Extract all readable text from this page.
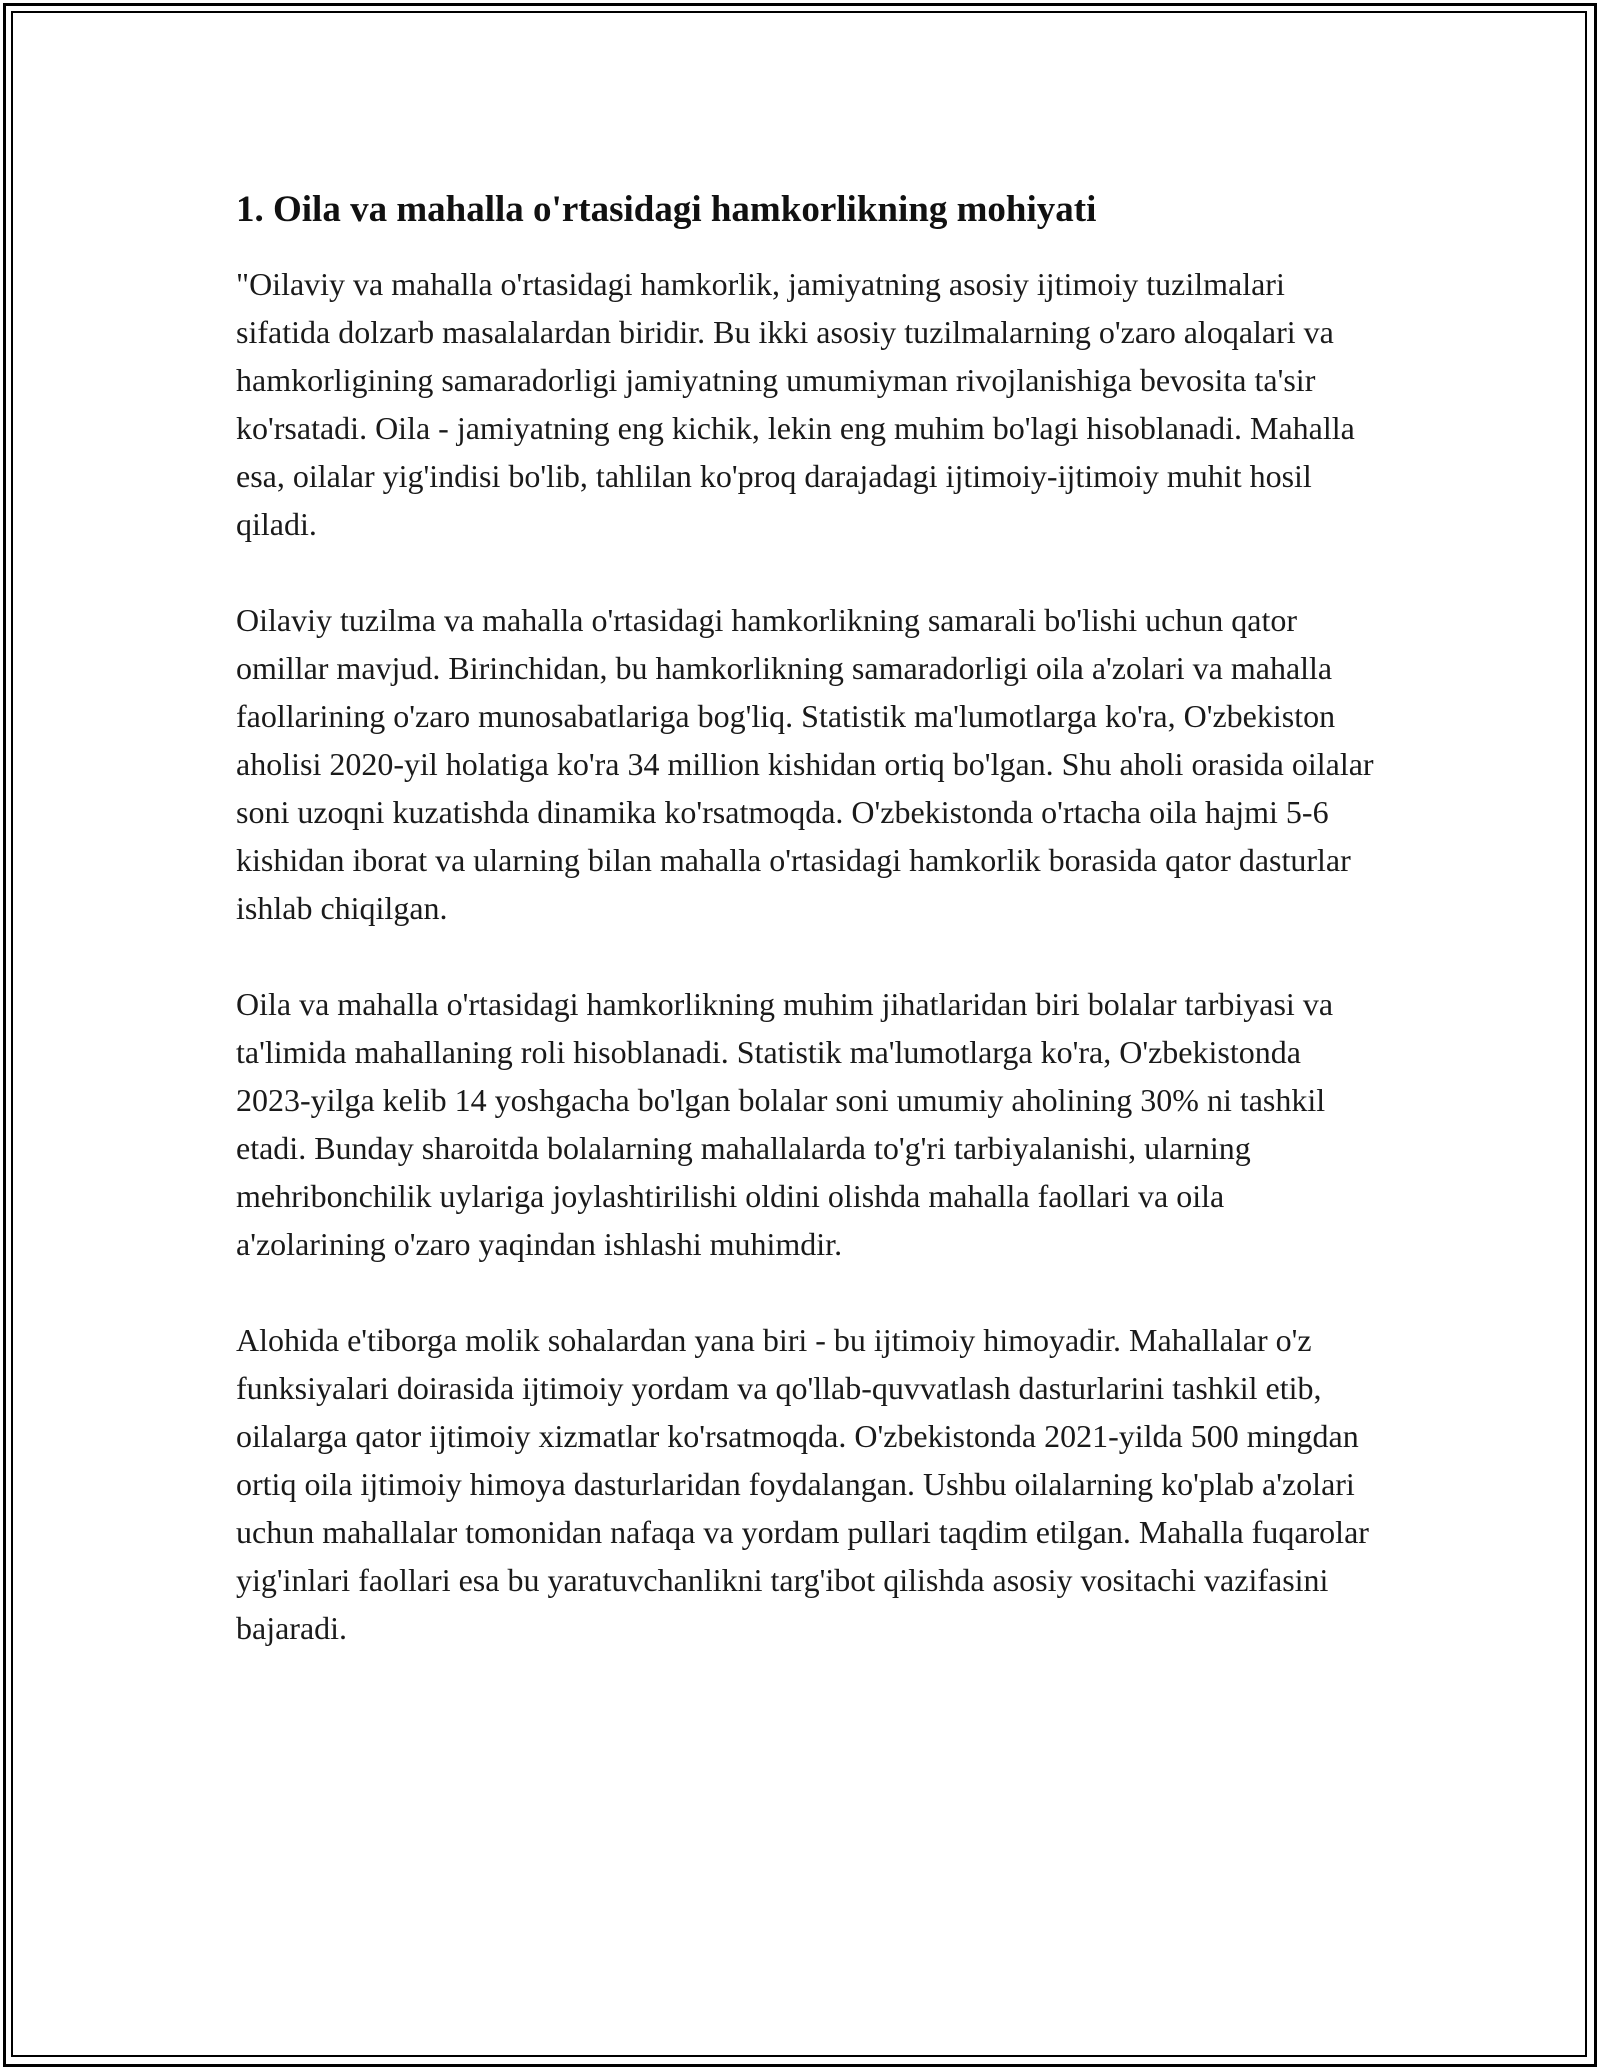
1. Oila va mahalla o'rtasidagi hamkorlikning mohiyati

"Oilaviy va mahalla o'rtasidagi hamkorlik, jamiyatning asosiy ijtimoiy tuzilmalari sifatida dolzarb masalalardan biridir. Bu ikki asosiy tuzilmalarning o'zaro aloqalari va hamkorligining samaradorligi jamiyatning umumiyman rivojlanishiga bevosita ta'sir ko'rsatadi. Oila - jamiyatning eng kichik, lekin eng muhim bo'lagi hisoblanadi. Mahalla esa, oilalar yig'indisi bo'lib, tahlilan ko'proq darajadagi ijtimoiy-ijtimoiy muhit hosil qiladi.

Oilaviy tuzilma va mahalla o'rtasidagi hamkorlikning samarali bo'lishi uchun qator omillar mavjud. Birinchidan, bu hamkorlikning samaradorligi oila a'zolari va mahalla faollarining o'zaro munosabatlariga bog'liq. Statistik ma'lumotlarga ko'ra, O'zbekiston aholisi 2020-yil holatiga ko'ra 34 million kishidan ortiq bo'lgan. Shu aholi orasida oilalar soni uzoqni kuzatishda dinamika ko'rsatmoqda. O'zbekistonda o'rtacha oila hajmi 5-6 kishidan iborat va ularning bilan mahalla o'rtasidagi hamkorlik borasida qator dasturlar ishlab chiqilgan.

Oila va mahalla o'rtasidagi hamkorlikning muhim jihatlaridan biri bolalar tarbiyasi va ta'limida mahallaning roli hisoblanadi. Statistik ma'lumotlarga ko'ra, O'zbekistonda 2023-yilga kelib 14 yoshgacha bo'lgan bolalar soni umumiy aholining 30% ni tashkil etadi. Bunday sharoitda bolalarning mahallalarda to'g'ri tarbiyalanishi, ularning mehribonchilik uylariga joylashtirilishi oldini olishda mahalla faollari va oila a'zolarining o'zaro yaqindan ishlashi muhimdir.

Alohida e'tiborga molik sohalardan yana biri - bu ijtimoiy himoyadir. Mahallalar o'z funksiyalari doirasida ijtimoiy yordam va qo'llab-quvvatlash dasturlarini tashkil etib, oilalarga qator ijtimoiy xizmatlar ko'rsatmoqda. O'zbekistonda 2021-yilda 500 mingdan ortiq oila ijtimoiy himoya dasturlaridan foydalangan. Ushbu oilalarning ko'plab a'zolari uchun mahallalar tomonidan nafaqa va yordam pullari taqdim etilgan. Mahalla fuqarolar yig'inlari faollari esa bu yaratuvchanlikni targ'ibot qilishda asosiy vositachi vazifasini bajaradi.
